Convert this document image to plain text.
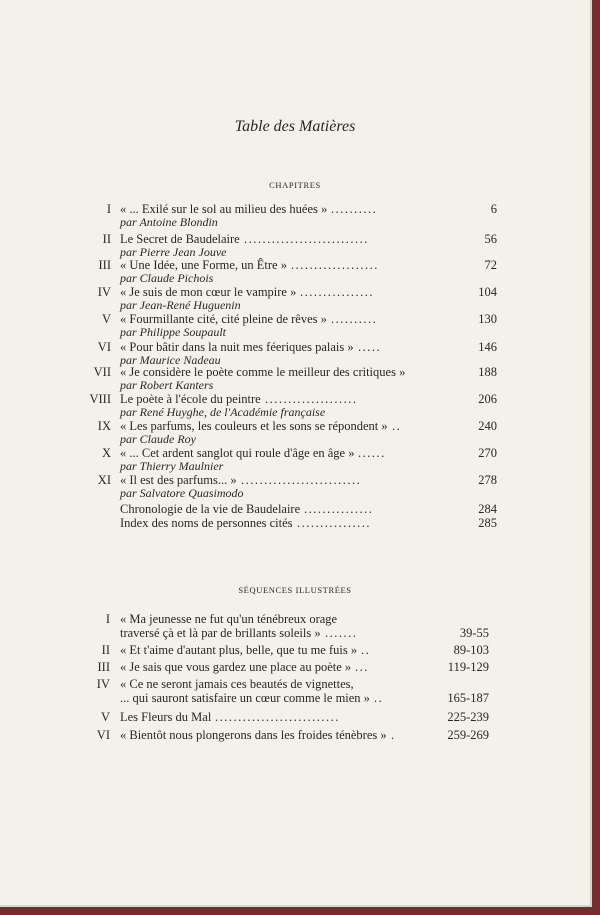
Table des Matières
CHAPITRES
I « ... Exilé sur le sol au milieu des huées » ..........	6
par Antoine Blondin
II Le Secret de Baudelaire ...........................	56
par Pierre Jean Jouve
III « Une Idée, une Forme, un Être » ...................	72
par Claude Pichois
IV « Je suis de mon cœur le vampire » ................	104
par Jean-René Huguenin
V « Fourmillante cité, cité pleine de rêves » ..........	130
par Philippe Soupault
VI « Pour bâtir dans la nuit mes féeriques palais » .....	146
par Maurice Nadeau
VII « Je considère le poète comme le meilleur des critiques »	188
par Robert Kanters
VIII Le poète à l'école du peintre ....................	206
par René Huyghe, de l'Académie française
IX « Les parfums, les couleurs et les sons se répondent » ..	240
par Claude Roy
X « ... Cet ardent sanglot qui roule d'âge en âge » ......	270
par Thierry Maulnier
XI « Il est des parfums... » ..........................	278
par Salvatore Quasimodo
Chronologie de la vie de Baudelaire ...............	284
Index des noms de personnes cités ................	285
SÉQUENCES ILLUSTRÉES
I « Ma jeunesse ne fut qu'un ténébreux orage
traversé çà et là par de brillants soleils » .......	39-55
II « Et t'aime d'autant plus, belle, que tu me fuis » ..	89-103
III « Je sais que vous gardez une place au poète » ...	119-129
IV « Ce ne seront jamais ces beautés de vignettes,
... qui sauront satisfaire un cœur comme le mien » ..	165-187
V Les Fleurs du Mal ...........................	225-239
VI « Bientôt nous plongerons dans les froides ténèbres » .	259-269
